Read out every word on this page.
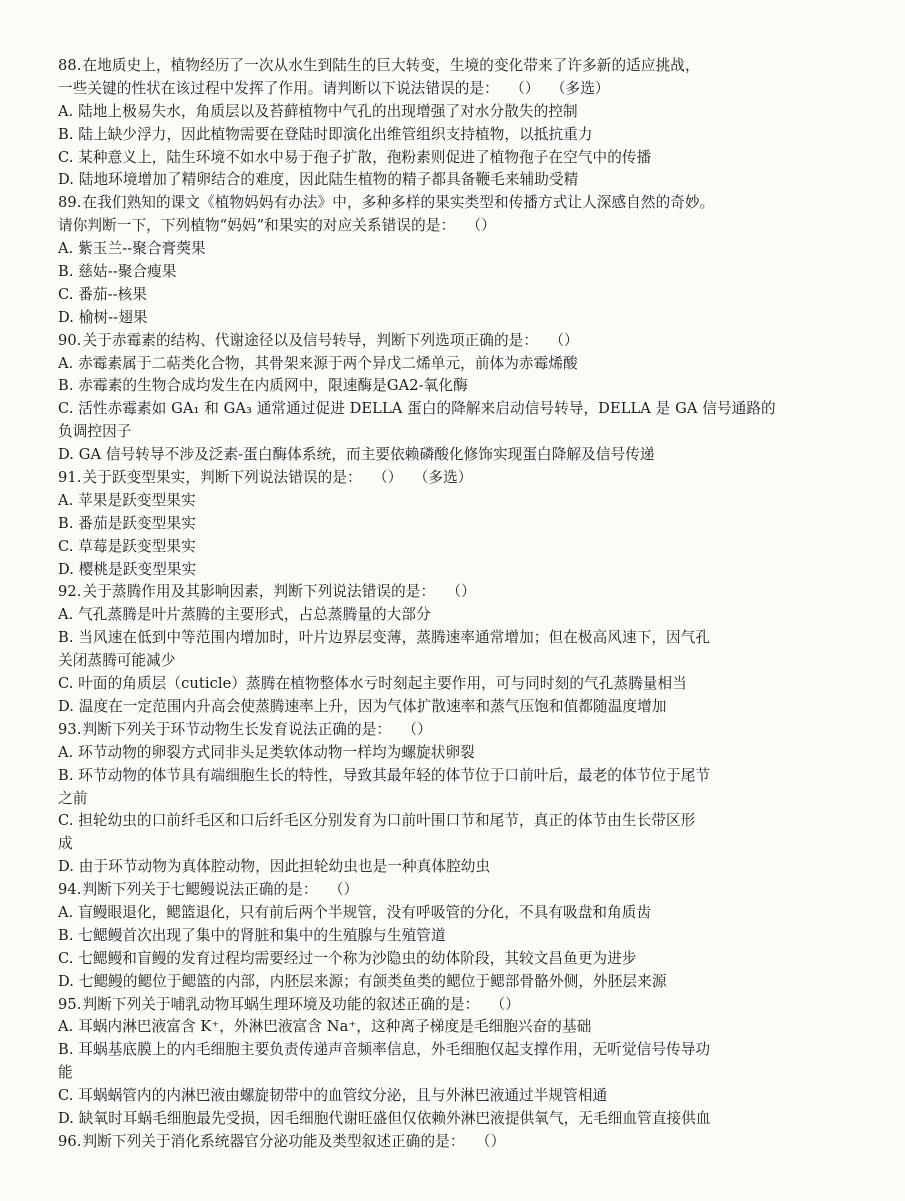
88.在地质史上，植物经历了一次从水生到陆生的巨大转变，生境的变化带来了许多新的适应挑战，
一些关键的性状在该过程中发挥了作用。请判断以下说法错误的是： （ ）	（多选）
A. 陆地上极易失水，角质层以及苔藓植物中气孔的出现增强了对水分散失的控制
B. 陆上缺少浮力，因此植物需要在登陆时即演化出维管组织支持植物，以抵抗重力
C. 某种意义上，陆生环境不如水中易于孢子扩散，孢粉素则促进了植物孢子在空气中的传播
D. 陆地环境增加了精卵结合的难度，因此陆生植物的精子都具备鞭毛来辅助受精
89.在我们熟知的课文《植物妈妈有办法》中，多种多样的果实类型和传播方式让人深感自然的奇妙。
请你判断一下，下列植物“妈妈”和果实的对应关系错误的是：（ ）
A. 紫玉兰--聚合膏葖果
B. 慈姑--聚合瘦果
C. 番茄--核果
D. 榆树--翅果
90.关于赤霉素的结构、代谢途径以及信号转导，判断下列选项正确的是：（ ）
A. 赤霉素属于二萜类化合物，其骨架来源于两个异戊二烯单元，前体为赤霉烯酸
B. 赤霉素的生物合成均发生在内质网中，限速酶是GA2-氧化酶
C. 活性赤霉素如 GA₁ 和 GA₃ 通常通过促进 DELLA 蛋白的降解来启动信号转导，DELLA 是 GA 信号通路的
负调控因子
D. GA 信号转导不涉及泛素-蛋白酶体系统，而主要依赖磷酸化修饰实现蛋白降解及信号传递
91.关于跃变型果实，判断下列说法错误的是： （ ）	（多选）
A. 苹果是跃变型果实
B. 番茄是跃变型果实
C. 草莓是跃变型果实
D. 樱桃是跃变型果实
92.关于蒸腾作用及其影响因素，判断下列说法错误的是：（ ）
A. 气孔蒸腾是叶片蒸腾的主要形式，占总蒸腾量的大部分
B. 当风速在低到中等范围内增加时，叶片边界层变薄，蒸腾速率通常增加；但在极高风速下，因气孔
关闭蒸腾可能减少
C. 叶面的角质层（cuticle）蒸腾在植物整体水亏时刻起主要作用，可与同时刻的气孔蒸腾量相当
D. 温度在一定范围内升高会使蒸腾速率上升，因为气体扩散速率和蒸气压饱和值都随温度增加
93.判断下列关于环节动物生长发育说法正确的是：（ ）
A. 环节动物的卵裂方式同非头足类软体动物一样均为螺旋状卵裂
B. 环节动物的体节具有端细胞生长的特性，导致其最年轻的体节位于口前叶后，最老的体节位于尾节
之前
C. 担轮幼虫的口前纤毛区和口后纤毛区分别发育为口前叶围口节和尾节，真正的体节由生长带区形
成
D. 由于环节动物为真体腔动物，因此担轮幼虫也是一种真体腔幼虫
94.判断下列关于七鳃鳗说法正确的是：（ ）
A. 盲鳗眼退化，鳃篮退化，只有前后两个半规管，没有呼吸管的分化，不具有吸盘和角质齿
B. 七鳃鳗首次出现了集中的肾脏和集中的生殖腺与生殖管道
C. 七鳃鳗和盲鳗的发育过程均需要经过一个称为沙隐虫的幼体阶段，其较文昌鱼更为进步
D. 七鳃鳗的鳃位于鳃篮的内部，内胚层来源；有颌类鱼类的鳃位于鳃部骨骼外侧，外胚层来源
95.判断下列关于哺乳动物耳蜗生理环境及功能的叙述正确的是：（ ）
A. 耳蜗内淋巴液富含 K⁺，外淋巴液富含 Na⁺，这种离子梯度是毛细胞兴奋的基础
B. 耳蜗基底膜上的内毛细胞主要负责传递声音频率信息，外毛细胞仅起支撑作用，无听觉信号传导功
能
C. 耳蜗蜗管内的内淋巴液由螺旋韧带中的血管纹分泌，且与外淋巴液通过半规管相通
D. 缺氧时耳蜗毛细胞最先受损，因毛细胞代谢旺盛但仅依赖外淋巴液提供氧气，无毛细血管直接供血
96.判断下列关于消化系统器官分泌功能及类型叙述正确的是：（ ）
